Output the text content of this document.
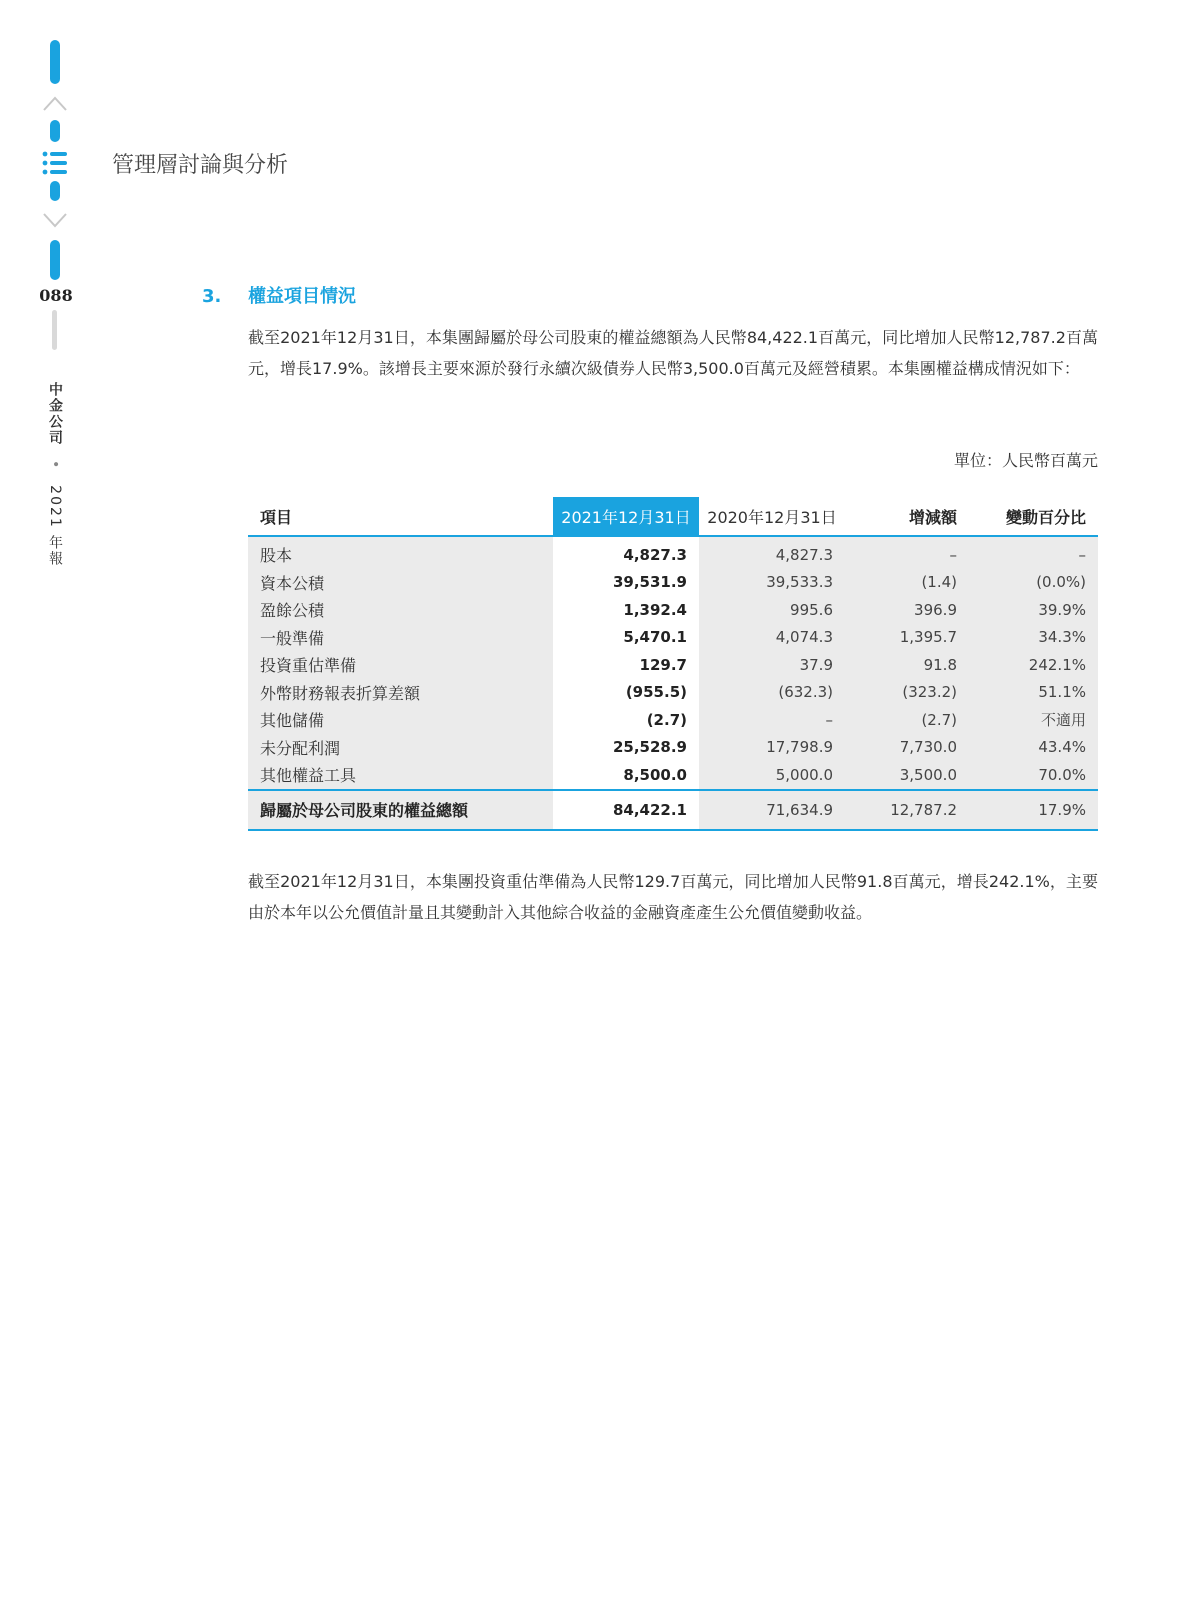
088
中金公司 • 2021 年報
管理層討論與分析
3. 權益項目情況

截至2021年12月31日，本集團歸屬於母公司股東的權益總額為人民幣84,422.1百萬元，同比增加人民幣12,787.2百萬元，增長17.9%。該增長主要來源於發行永續次級債券人民幣3,500.0百萬元及經營積累。本集團權益構成情況如下：

單位：人民幣百萬元
項目	2021年12月31日	2020年12月31日	增減額	變動百分比
股本	4,827.3	4,827.3	–	–
資本公積	39,531.9	39,533.3	(1.4)	(0.0%)
盈餘公積	1,392.4	995.6	396.9	39.9%
一般準備	5,470.1	4,074.3	1,395.7	34.3%
投資重估準備	129.7	37.9	91.8	242.1%
外幣財務報表折算差額	(955.5)	(632.3)	(323.2)	51.1%
其他儲備	(2.7)	–	(2.7)	不適用
未分配利潤	25,528.9	17,798.9	7,730.0	43.4%
其他權益工具	8,500.0	5,000.0	3,500.0	70.0%
歸屬於母公司股東的權益總額	84,422.1	71,634.9	12,787.2	17.9%

截至2021年12月31日，本集團投資重估準備為人民幣129.7百萬元，同比增加人民幣91.8百萬元，增長242.1%，主要由於本年以公允價值計量且其變動計入其他綜合收益的金融資產產生公允價值變動收益。
